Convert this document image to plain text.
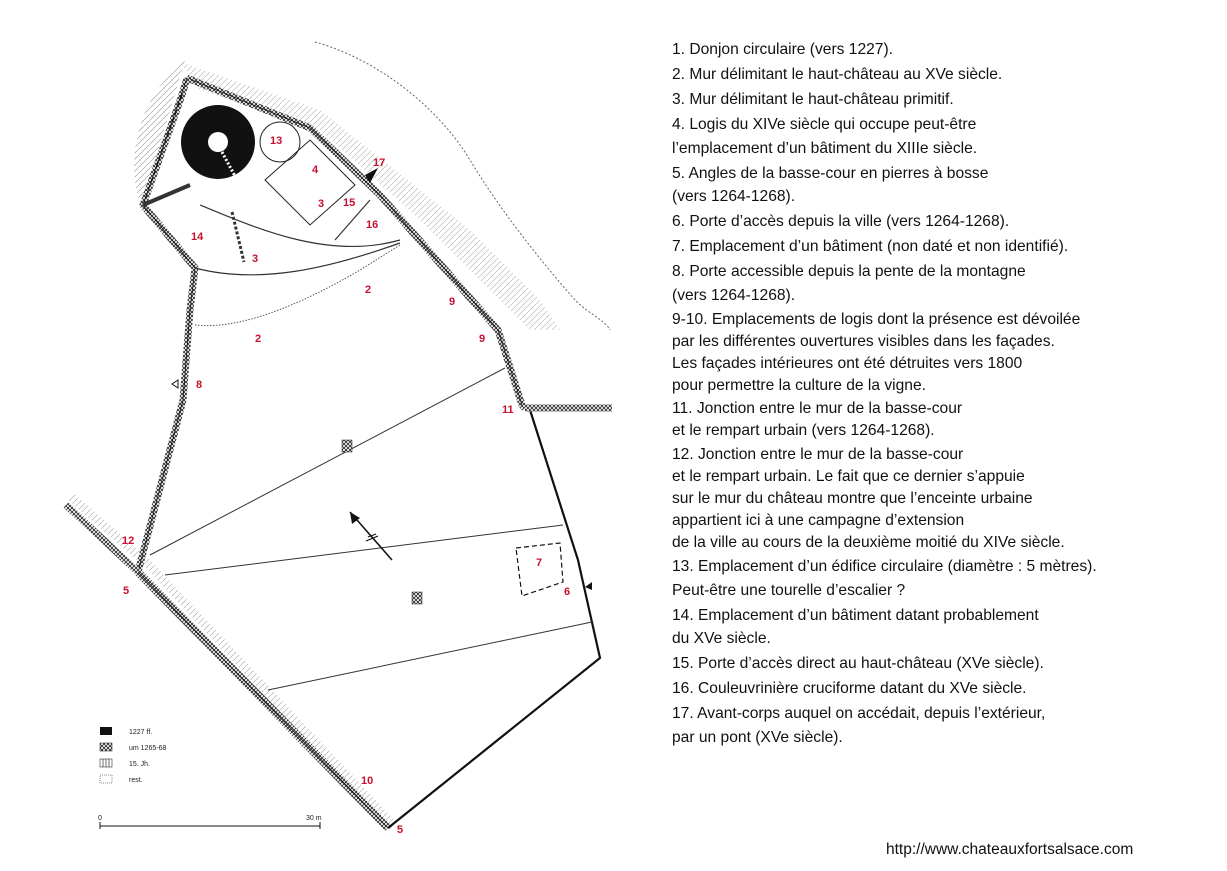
1
2
2
3
3
4
5
5
6
7
8
9
9
10
11
12
13
14
15
16
17
1227 ff.
um 1265-68
15. Jh.
rest.
0	30 m
1. Donjon circulaire (vers 1227).
2. Mur délimitant le haut-château au XVe siècle.
3. Mur délimitant le haut-château primitif.
4. Logis du XIVe siècle qui occupe peut-être
l’emplacement d’un bâtiment du XIIIe siècle.
5. Angles de la basse-cour en pierres à bosse
(vers 1264-1268).
6. Porte d’accès depuis la ville (vers 1264-1268).
7. Emplacement d’un bâtiment (non daté et non identifié).
8. Porte accessible depuis la pente de la montagne
(vers 1264-1268).
9-10. Emplacements de logis dont la présence est dévoilée
par les différentes ouvertures visibles dans les façades.
Les façades intérieures ont été détruites vers 1800
pour permettre la culture de la vigne.
11. Jonction entre le mur de la basse-cour
et le rempart urbain (vers 1264-1268).
12. Jonction entre le mur de la basse-cour
et le rempart urbain. Le fait que ce dernier s’appuie
sur le mur du château montre que l’enceinte urbaine
appartient ici à une campagne d’extension
de la ville au cours de la deuxième moitié du XIVe siècle.
13. Emplacement d’un édifice circulaire (diamètre : 5 mètres).
Peut-être une tourelle d’escalier ?
14. Emplacement d’un bâtiment datant probablement
du XVe siècle.
15. Porte d’accès direct au haut-château (XVe siècle).
16. Couleuvrinière cruciforme datant du XVe siècle.
17. Avant-corps auquel on accédait, depuis l’extérieur,
par un pont (XVe siècle).
http://www.chateauxfortsalsace.com
